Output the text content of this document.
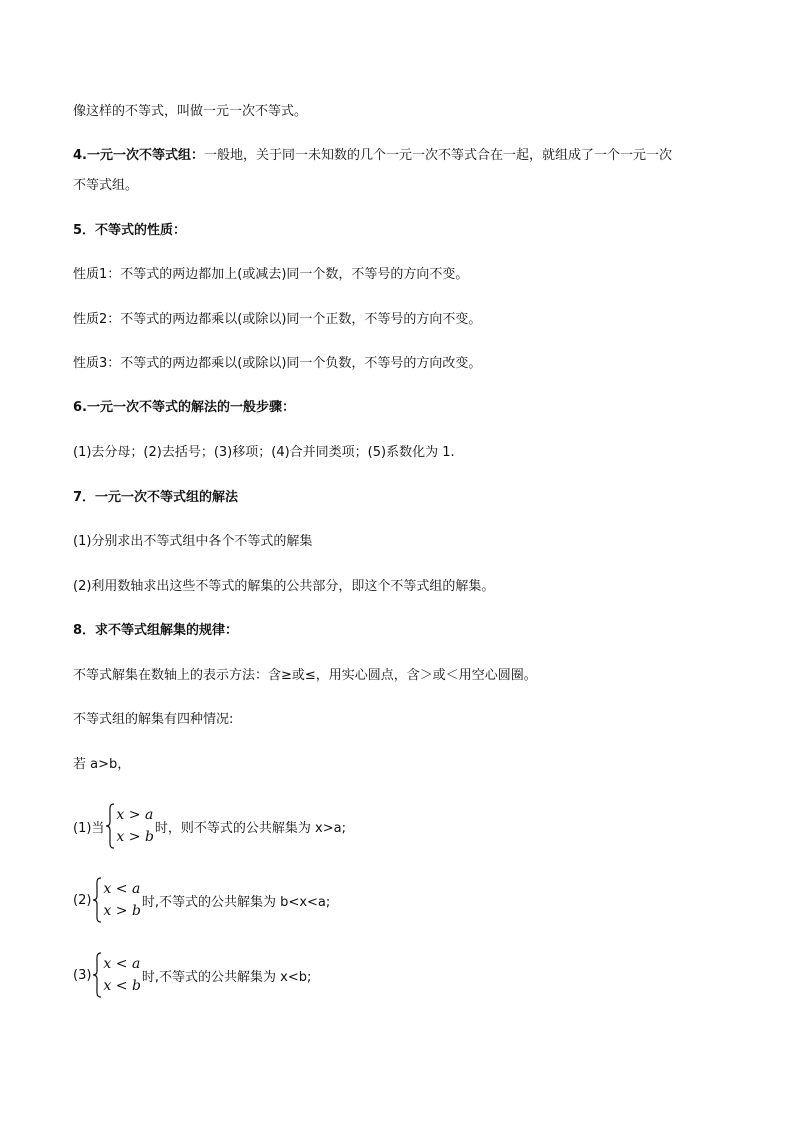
像这样的不等式，叫做一元一次不等式。
4.一元一次不等式组：一般地，关于同一未知数的几个一元一次不等式合在一起，就组成了一个一元一次
不等式组。
5．不等式的性质：
性质1：不等式的两边都加上(或减去)同一个数，不等号的方向不变。
性质2：不等式的两边都乘以(或除以)同一个正数，不等号的方向不变。
性质3：不等式的两边都乘以(或除以)同一个负数，不等号的方向改变。
6.一元一次不等式的解法的一般步骤：
(1)去分母；(2)去括号；(3)移项；(4)合并同类项；(5)系数化为 1.
7．一元一次不等式组的解法
(1)分别求出不等式组中各个不等式的解集
(2)利用数轴求出这些不等式的解集的公共部分，即这个不等式组的解集。
8．求不等式组解集的规律：
不等式解集在数轴上的表示方法：含≥或≤，用实心圆点，含＞或＜用空心圆圈。
不等式组的解集有四种情况:
若 a>b，
(1)当
x > a
x > b
时，则不等式的公共解集为 x>a;
(2)
x < a
x > b
时,不等式的公共解集为 b<x<a;
(3)
x < a
x < b
时,不等式的公共解集为 x<b;
